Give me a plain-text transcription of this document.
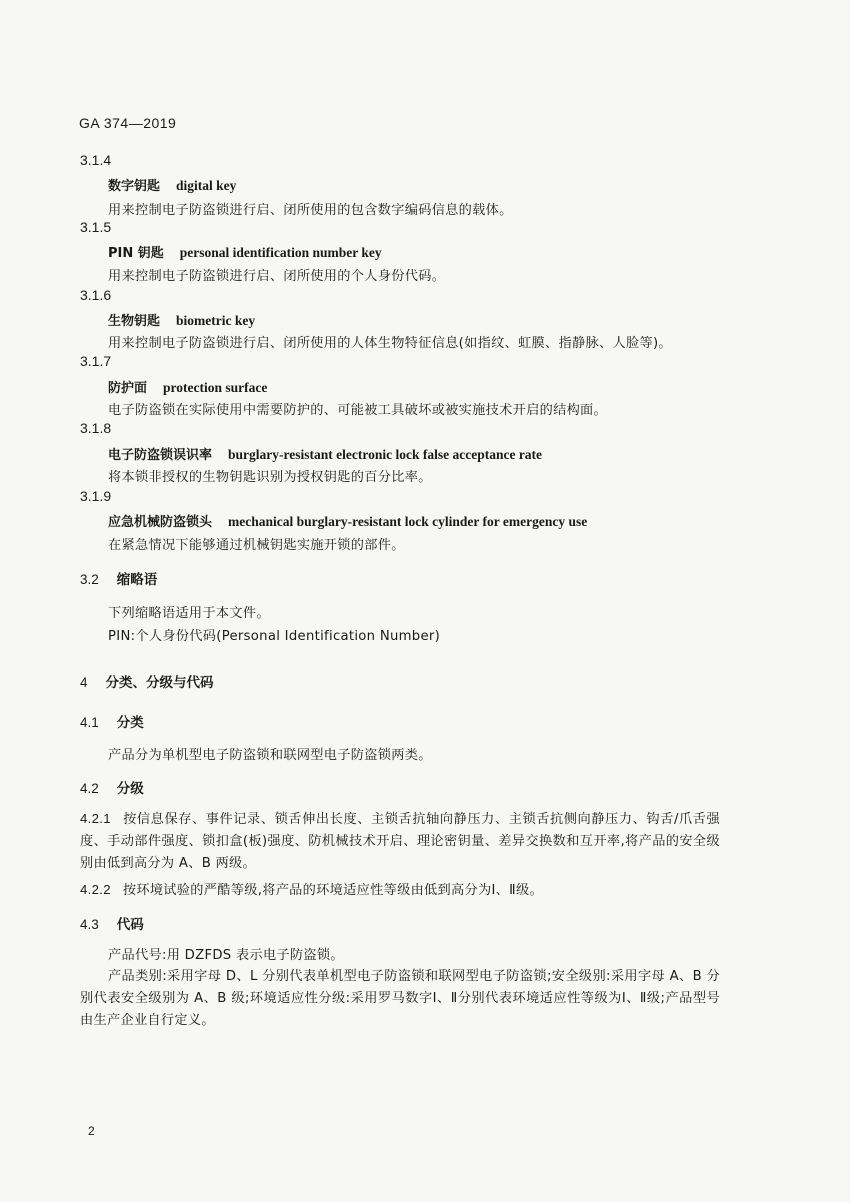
GA 374—2019
3.1.4
数字钥匙 digital key
用来控制电子防盗锁进行启、闭所使用的包含数字编码信息的载体。
3.1.5
PIN 钥匙 personal identification number key
用来控制电子防盗锁进行启、闭所使用的个人身份代码。
3.1.6
生物钥匙 biometric key
用来控制电子防盗锁进行启、闭所使用的人体生物特征信息(如指纹、虹膜、指静脉、人脸等)。
3.1.7
防护面 protection surface
电子防盗锁在实际使用中需要防护的、可能被工具破坏或被实施技术开启的结构面。
3.1.8
电子防盗锁误识率 burglary-resistant electronic lock false acceptance rate
将本锁非授权的生物钥匙识别为授权钥匙的百分比率。
3.1.9
应急机械防盗锁头 mechanical burglary-resistant lock cylinder for emergency use
在紧急情况下能够通过机械钥匙实施开锁的部件。
3.2 缩略语
下列缩略语适用于本文件。
PIN:个人身份代码(Personal Identification Number)
4 分类、分级与代码
4.1 分类
产品分为单机型电子防盗锁和联网型电子防盗锁两类。
4.2 分级
4.2.1 按信息保存、事件记录、锁舌伸出长度、主锁舌抗轴向静压力、主锁舌抗侧向静压力、钩舌/爪舌强度、手动部件强度、锁扣盒(板)强度、防机械技术开启、理论密钥量、差异交换数和互开率,将产品的安全级别由低到高分为 A、B 两级。
4.2.2 按环境试验的严酷等级,将产品的环境适应性等级由低到高分为Ⅰ、Ⅱ级。
4.3 代码
产品代号:用 DZFDS 表示电子防盗锁。
产品类别:采用字母 D、L 分别代表单机型电子防盗锁和联网型电子防盗锁;安全级别:采用字母 A、B 分别代表安全级别为 A、B 级;环境适应性分级:采用罗马数字Ⅰ、Ⅱ分别代表环境适应性等级为Ⅰ、Ⅱ级;产品型号由生产企业自行定义。
2
